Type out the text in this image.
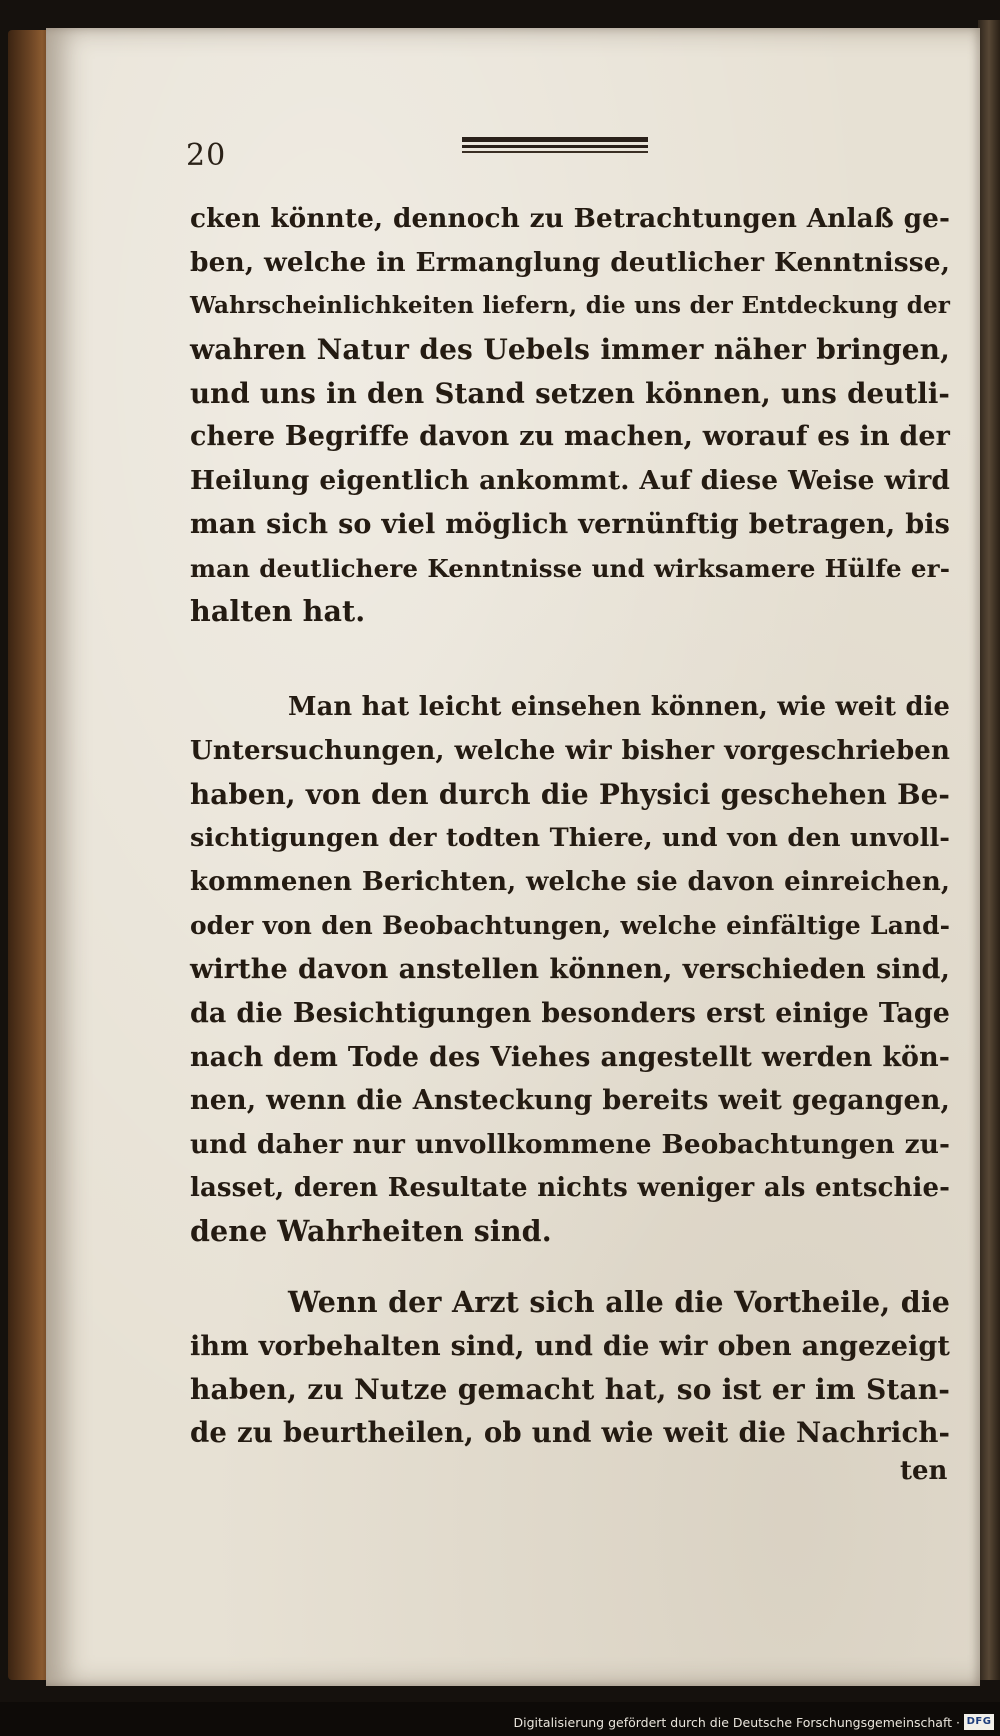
20
cken könnte, dennoch zu Betrachtungen Anlaß ge-
ben, welche in Ermanglung deutlicher Kenntnisse,
Wahrscheinlichkeiten liefern, die uns der Entdeckung der
wahren Natur des Uebels immer näher bringen,
und uns in den Stand setzen können, uns deutli-
chere Begriffe davon zu machen, worauf es in der
Heilung eigentlich ankommt. Auf diese Weise wird
man sich so viel möglich vernünftig betragen, bis
man deutlichere Kenntnisse und wirksamere Hülfe er-
halten hat.
Man hat leicht einsehen können, wie weit die
Untersuchungen, welche wir bisher vorgeschrieben
haben, von den durch die Physici geschehen Be-
sichtigungen der todten Thiere, und von den unvoll-
kommenen Berichten, welche sie davon einreichen,
oder von den Beobachtungen, welche einfältige Land-
wirthe davon anstellen können, verschieden sind,
da die Besichtigungen besonders erst einige Tage
nach dem Tode des Viehes angestellt werden kön-
nen, wenn die Ansteckung bereits weit gegangen,
und daher nur unvollkommene Beobachtungen zu-
lasset, deren Resultate nichts weniger als entschie-
dene Wahrheiten sind.
Wenn der Arzt sich alle die Vortheile, die
ihm vorbehalten sind, und die wir oben angezeigt
haben, zu Nutze gemacht hat, so ist er im Stan-
de zu beurtheilen, ob und wie weit die Nachrich-
ten
Digitalisierung gefördert durch die Deutsche Forschungsgemeinschaft · DFG
